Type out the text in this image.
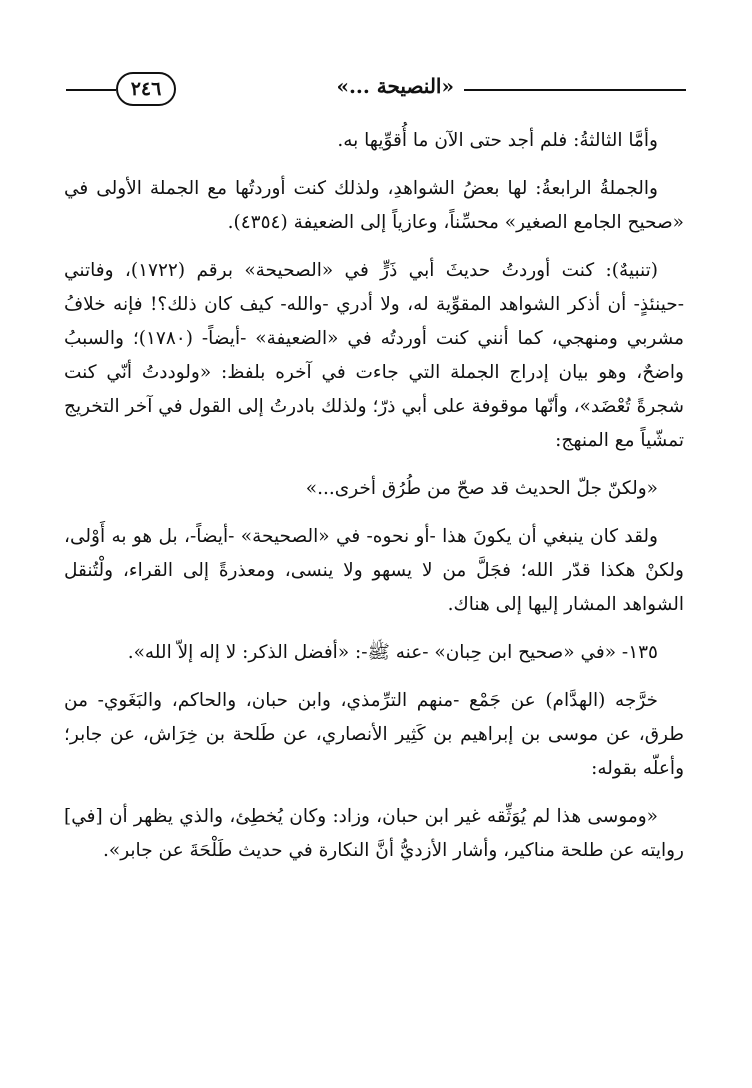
«النصيحة ...»
٢٤٦

وأمَّا الثالثةُ: فلم أجد حتى الآن ما أُقوِّيها به.

والجملةُ الرابعةُ: لها بعضُ الشواهدِ، ولذلك كنت أوردتُها مع الجملة الأولى في «صحيح الجامع الصغير» محسِّناً، وعازياً إلى الضعيفة (٤٣٥٤).

(تنبيهٌ): كنت أوردتُ حديثَ أبي ذَرٍّ في «الصحيحة» برقم (١٧٢٢)، وفاتني -حينئذٍ- أن أذكر الشواهد المقوِّية له، ولا أدري -والله- كيف كان ذلك؟! فإنه خلافُ مشربي ومنهجي، كما أنني كنت أوردتُه في «الضعيفة» -أيضاً- (١٧٨٠)؛ والسببُ واضحٌ، وهو بيان إدراج الجملة التي جاءت في آخره بلفظ: «ولوددتُ أنّي كنت شجرةً تُعْضَد»، وأنّها موقوفة على أبي ذرّ؛ ولذلك بادرتُ إلى القول في آخر التخريج تمشّياً مع المنهج:

«ولكنّ جلّ الحديث قد صحّ من طُرُق أخرى...»

ولقد كان ينبغي أن يكونَ هذا -أو نحوه- في «الصحيحة» -أيضاً-، بل هو به أَوْلى، ولكنْ هكذا قدّر الله؛ فجَلَّ من لا يسهو ولا ينسى، ومعذرةً إلى القراء، ولْتُنقل الشواهد المشار إليها إلى هناك.

١٣٥- «في «صحيح ابن حِبان» -عنه ﷺ-: «أفضل الذكر: لا إله إلاّ الله».

خرَّجه (الهدَّام) عن جَمْع -منهم الترِّمذي، وابن حبان، والحاكم، والبَغَوي- من طرق، عن موسى بن إبراهيم بن كَثِير الأنصاري، عن طَلحة بن خِرَاش، عن جابر؛ وأعلّه بقوله:

«وموسى هذا لم يُوَثِّقه غير ابن حبان، وزاد: وكان يُخطِئ، والذي يظهر أن [في] روايته عن طلحة مناكير، وأشار الأزديُّ أنَّ النكارة في حديث طَلْحَةَ عن جابر».
